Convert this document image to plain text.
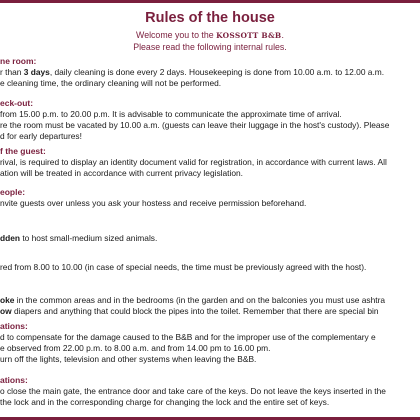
Rules of the house
Welcome you to the KOSSOTT B&B.
Please read the following internal rules.
ne room:
r than 3 days, daily cleaning is done every 2 days. Housekeeping is done from 10.00 a.m. to 12.00 a.m.
e cleaning time, the ordinary cleaning will not be performed.
eck-out:
from 15.00 p.m. to 20.00 p.m. It is advisable to communicate the approximate time of arrival.
re the room must be vacated by 10.00 a.m. (guests can leave their luggage in the host's custody). Please
d for early departures!
f the guest:
rival, is required to display an identity document valid for registration, in accordance with current laws. All
ation will be treated in accordance with current privacy legislation.
eople:
nvite guests over unless you ask your hostess and receive permission beforehand.
dden to host small-medium sized animals.
red from 8.00 to 10.00 (in case of special needs, the time must be previously agreed with the host).
oke in the common areas and in the bedrooms (in the garden and on the balconies you must use ashtra
ow diapers and anything that could block the pipes into the toilet. Remember that there are special bin
ations:
d to compensate for the damage caused to the B&B and for the improper use of the complementary e
e observed from 22.00 p.m. to 8.00 a.m. and from 14.00 pm to 16.00 pm.
urn off the lights, television and other systems when leaving the B&B.
ations:
o close the main gate, the entrance door and take care of the keys. Do not leave the keys inserted in the
the lock and in the corresponding charge for changing the lock and the entire set of keys.
